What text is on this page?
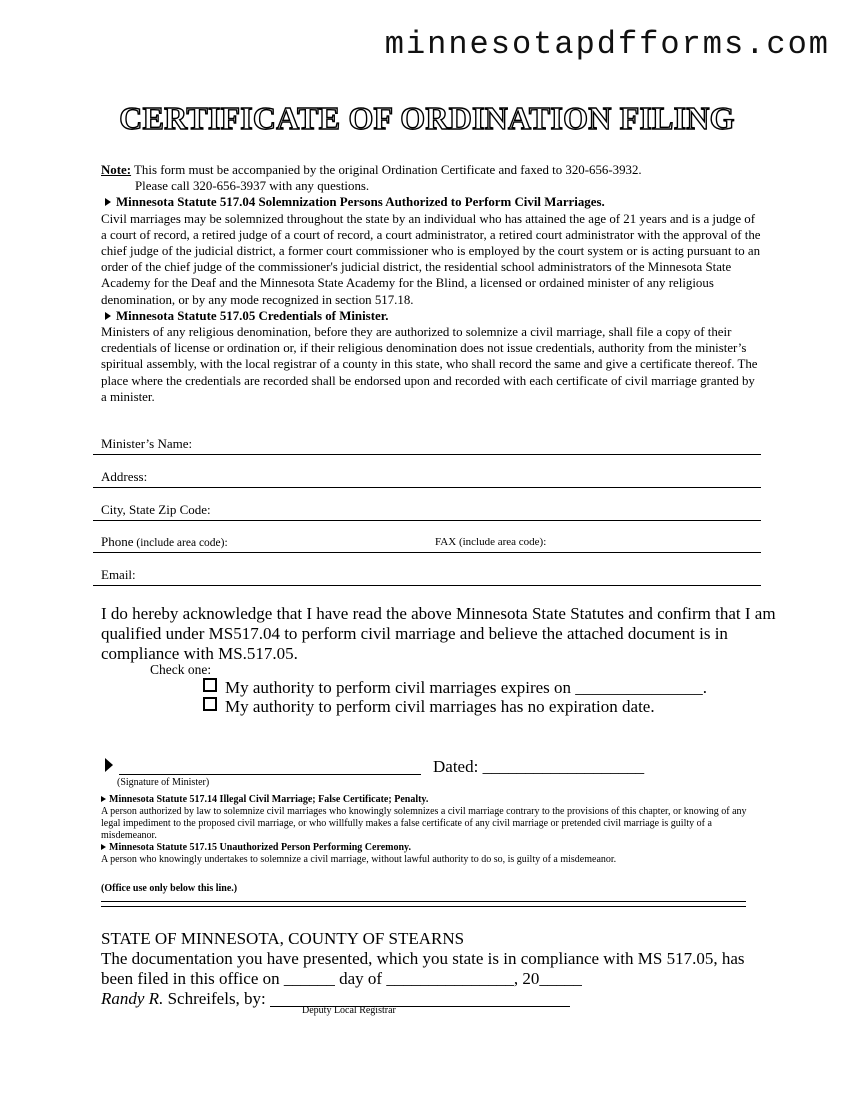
minnesotapdfforms.com
CERTIFICATE OF ORDINATION FILING
Note: This form must be accompanied by the original Ordination Certificate and faxed to 320-656-3932.
Please call 320-656-3937 with any questions.
Minnesota Statute 517.04 Solemnization Persons Authorized to Perform Civil Marriages.
Civil marriages may be solemnized throughout the state by an individual who has attained the age of 21 years and is a judge of a court of record, a retired judge of a court of record, a court administrator, a retired court administrator with the approval of the chief judge of the judicial district, a former court commissioner who is employed by the court system or is acting pursuant to an order of the chief judge of the commissioner's judicial district, the residential school administrators of the Minnesota State Academy for the Deaf and the Minnesota State Academy for the Blind, a licensed or ordained minister of any religious denomination, or by any mode recognized in section 517.18.
Minnesota Statute 517.05 Credentials of Minister.
Ministers of any religious denomination, before they are authorized to solemnize a civil marriage, shall file a copy of their credentials of license or ordination or, if their religious denomination does not issue credentials, authority from the minister’s spiritual assembly, with the local registrar of a county in this state, who shall record the same and give a certificate thereof. The place where the credentials are recorded shall be endorsed upon and recorded with each certificate of civil marriage granted by a minister.
Minister’s Name:
Address:
City, State Zip Code:
Phone (include area code):	FAX (include area code):
Email:
I do hereby acknowledge that I have read the above Minnesota State Statutes and confirm that I am qualified under MS517.04 to perform civil marriage and believe the attached document is in compliance with MS.517.05.
Check one:
My authority to perform civil marriages expires on _______________.
My authority to perform civil marriages has no expiration date.
Dated: ___________________
(Signature of Minister)
Minnesota Statute 517.14 Illegal Civil Marriage; False Certificate; Penalty.
A person authorized by law to solemnize civil marriages who knowingly solemnizes a civil marriage contrary to the provisions of this chapter, or knowing of any legal impediment to the proposed civil marriage, or who willfully makes a false certificate of any civil marriage or pretended civil marriage is guilty of a misdemeanor.
Minnesota Statute 517.15 Unauthorized Person Performing Ceremony.
A person who knowingly undertakes to solemnize a civil marriage, without lawful authority to do so, is guilty of a misdemeanor.
(Office use only below this line.)
STATE OF MINNESOTA, COUNTY OF STEARNS
The documentation you have presented, which you state is in compliance with MS 517.05, has
been filed in this office on ______ day of _______________, 20_____
Randy R. Schreifels, by:
Deputy Local Registrar
